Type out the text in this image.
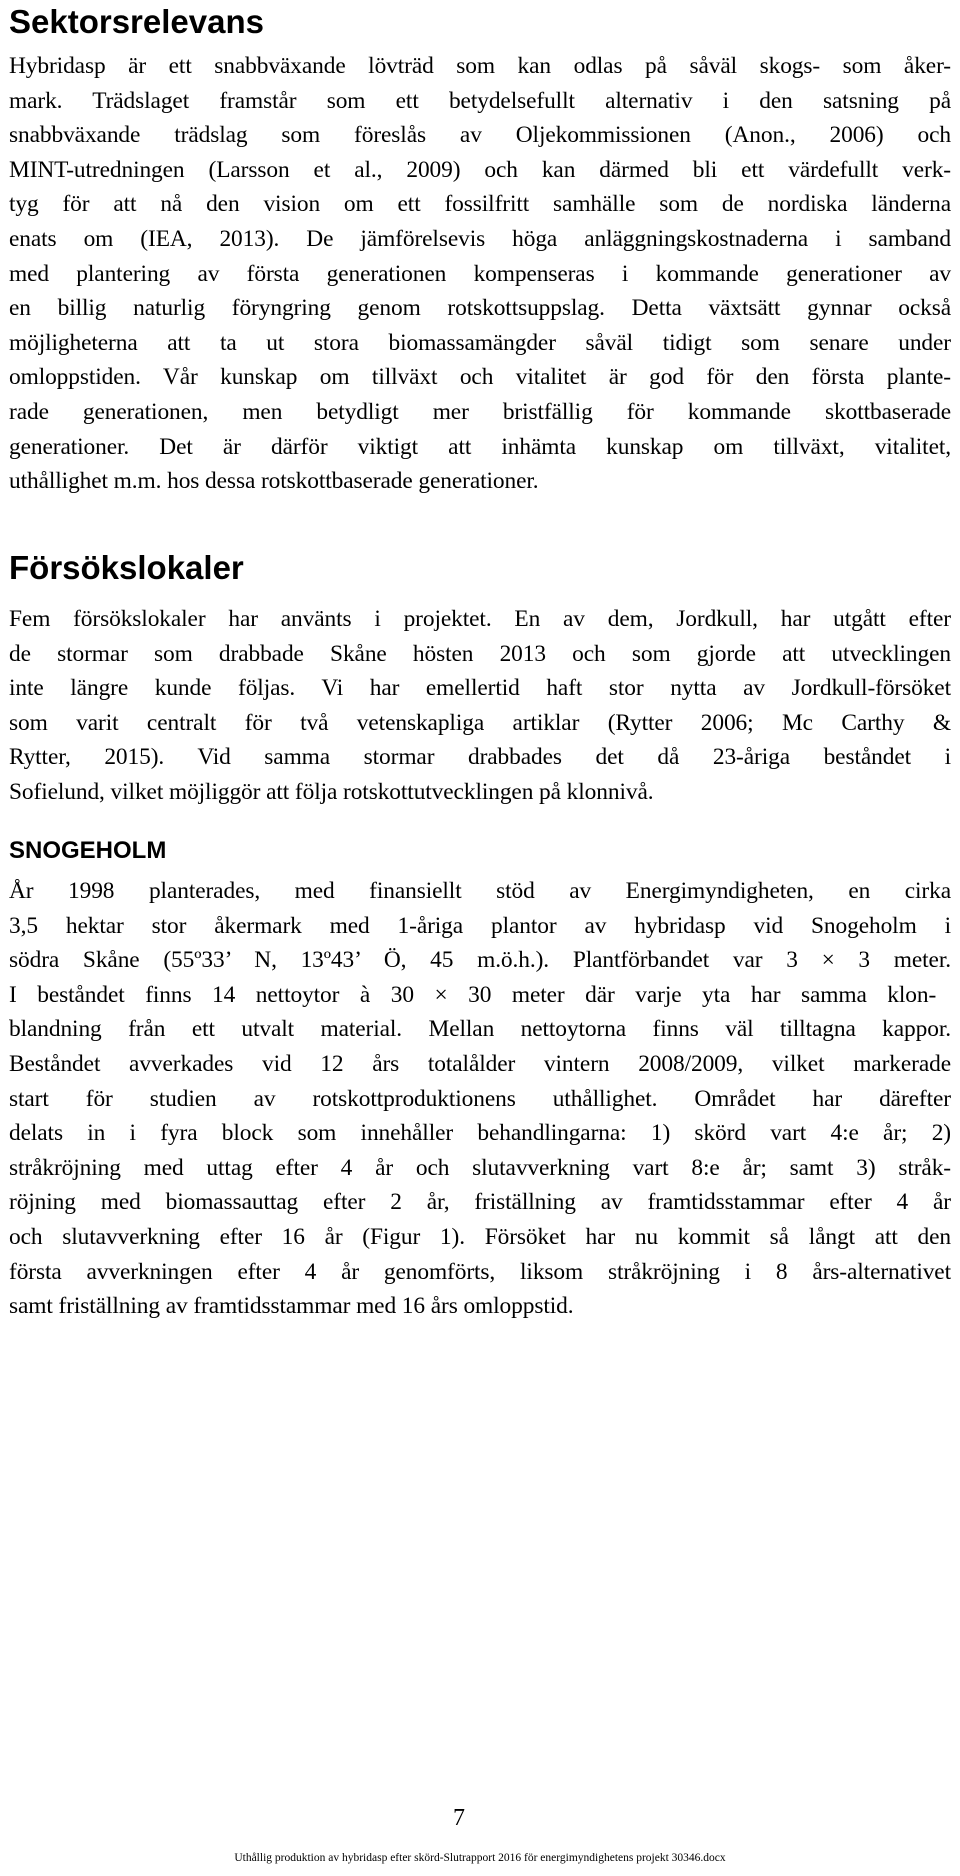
Sektorsrelevans

Hybridasp är ett snabbväxande lövträd som kan odlas på såväl skogs- som åker-
mark. Trädslaget framstår som ett betydelsefullt alternativ i den satsning på
snabbväxande trädslag som föreslås av Oljekommissionen (Anon., 2006) och
MINT-utredningen (Larsson et al., 2009) och kan därmed bli ett värdefullt verk-
tyg för att nå den vision om ett fossilfritt samhälle som de nordiska länderna
enats om (IEA, 2013). De jämförelsevis höga anläggningskostnaderna i samband
med plantering av första generationen kompenseras i kommande generationer av
en billig naturlig föryngring genom rotskottsuppslag. Detta växtsätt gynnar också
möjligheterna att ta ut stora biomassamängder såväl tidigt som senare under
omloppstiden. Vår kunskap om tillväxt och vitalitet är god för den första plante-
rade generationen, men betydligt mer bristfällig för kommande skottbaserade
generationer. Det är därför viktigt att inhämta kunskap om tillväxt, vitalitet,
uthållighet m.m. hos dessa rotskottbaserade generationer.

Försökslokaler

Fem försökslokaler har använts i projektet. En av dem, Jordkull, har utgått efter
de stormar som drabbade Skåne hösten 2013 och som gjorde att utvecklingen
inte längre kunde följas. Vi har emellertid haft stor nytta av Jordkull-försöket
som varit centralt för två vetenskapliga artiklar (Rytter 2006; Mc Carthy &
Rytter, 2015). Vid samma stormar drabbades det då 23-åriga beståndet i
Sofielund, vilket möjliggör att följa rotskottutvecklingen på klonnivå.

SNOGEHOLM

År 1998 planterades, med finansiellt stöd av Energimyndigheten, en cirka
3,5 hektar stor åkermark med 1-åriga plantor av hybridasp vid Snogeholm i
södra Skåne (55º33’ N, 13º43’ Ö, 45 m.ö.h.). Plantförbandet var 3 × 3 meter.
I beståndet finns 14 nettoytor à 30 × 30 meter där varje yta har samma klon-
blandning från ett utvalt material. Mellan nettoytorna finns väl tilltagna kappor.
Beståndet avverkades vid 12 års totalålder vintern 2008/2009, vilket markerade
start för studien av rotskottproduktionens uthållighet. Området har därefter
delats in i fyra block som innehåller behandlingarna: 1) skörd vart 4:e år; 2)
stråkröjning med uttag efter 4 år och slutavverkning vart 8:e år; samt 3) stråk-
röjning med biomassauttag efter 2 år, friställning av framtidsstammar efter 4 år
och slutavverkning efter 16 år (Figur 1). Försöket har nu kommit så långt att den
första avverkningen efter 4 år genomförts, liksom stråkröjning i 8 års-alternativet
samt friställning av framtidsstammar med 16 års omloppstid.

7
Uthållig produktion av hybridasp efter skörd-Slutrapport 2016 för energimyndighetens projekt 30346.docx
